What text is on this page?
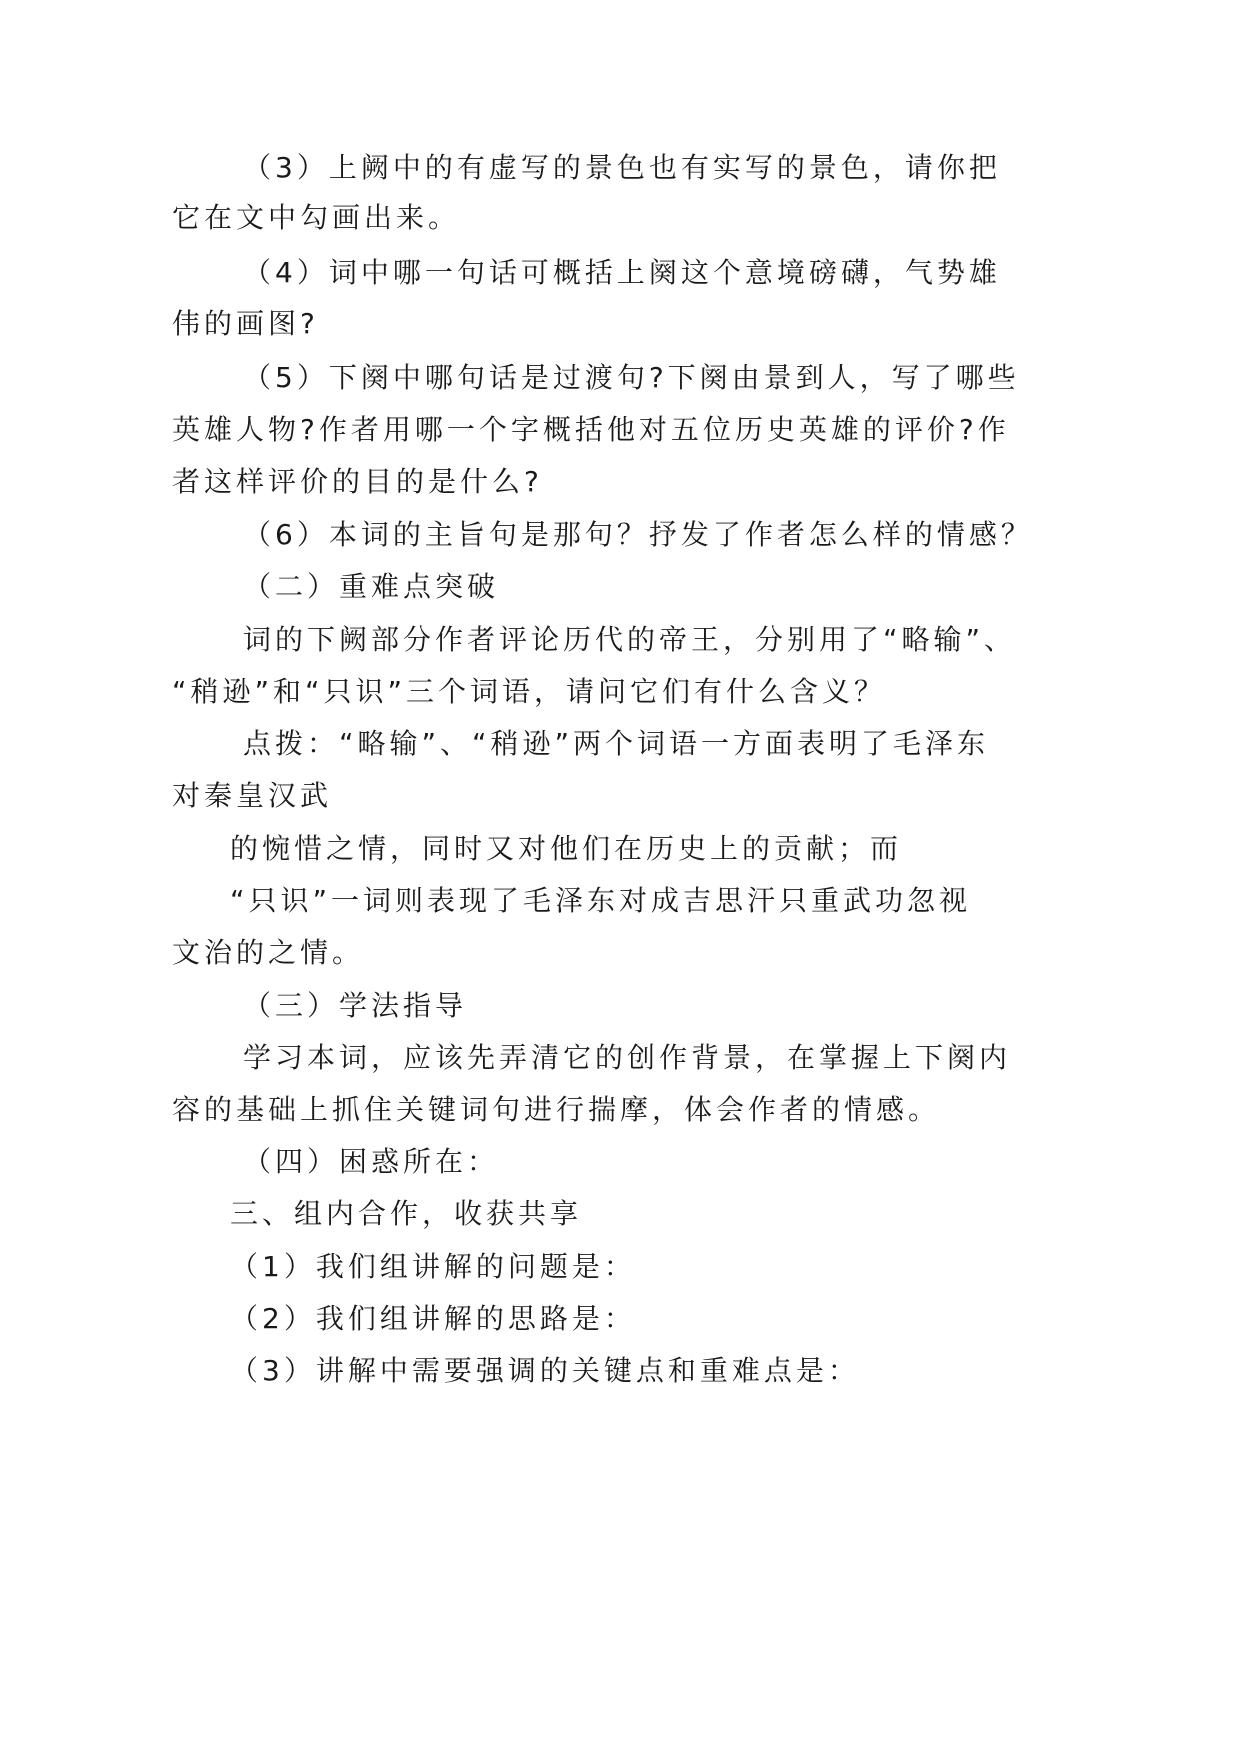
（3）上阙中的有虚写的景色也有实写的景色，请你把
它在文中勾画出来。
（4）词中哪一句话可概括上阕这个意境磅礴，气势雄
伟的画图?
（5）下阕中哪句话是过渡句?下阕由景到人，写了哪些
英雄人物?作者用哪一个字概括他对五位历史英雄的评价?作
者这样评价的目的是什么?
（6）本词的主旨句是那句？抒发了作者怎么样的情感？
（二）重难点突破
词的下阙部分作者评论历代的帝王，分别用了“略输”、
“稍逊”和“只识”三个词语，请问它们有什么含义？
点拨：“略输”、“稍逊”两个词语一方面表明了毛泽东
对秦皇汉武
的惋惜之情，同时又对他们在历史上的贡献；而
“只识”一词则表现了毛泽东对成吉思汗只重武功忽视
文治的之情。
（三）学法指导
学习本词，应该先弄清它的创作背景，在掌握上下阕内
容的基础上抓住关键词句进行揣摩，体会作者的情感。
（四）困惑所在：
三、组内合作，收获共享
（1）我们组讲解的问题是：
（2）我们组讲解的思路是：
（3）讲解中需要强调的关键点和重难点是：
